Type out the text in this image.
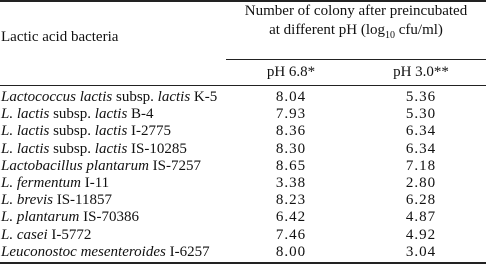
Lactic acid bacteria
Number of colony after preincubated
at different pH ($\log_{10}$ cfu/ml)
pH 6.8*	pH 3.0**
Lactococcus lactis subsp. lactis K-5	8.04	5.36
L. lactis subsp. lactis B-4	7.93	5.30
L. lactis subsp. lactis I-2775	8.36	6.34
L. lactis subsp. lactis IS-10285	8.30	6.34
Lactobacillus plantarum IS-7257	8.65	7.18
L. fermentum I-11	3.38	2.80
L. brevis IS-11857	8.23	6.28
L. plantarum IS-70386	6.42	4.87
L. casei I-5772	7.46	4.92
Leuconostoc mesenteroides I-6257	8.00	3.04
